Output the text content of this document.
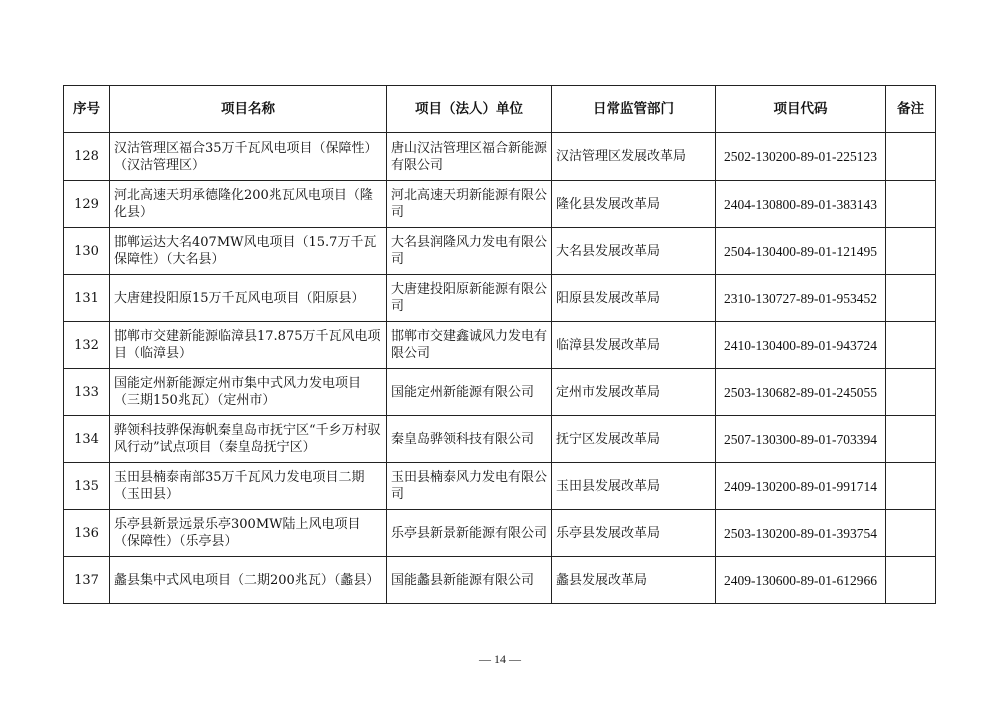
序号	项目名称	项目（法人）单位	日常监管部门	项目代码	备注
128	汉沽管理区福合35万千瓦风电项目（保障性）（汉沽管理区）	唐山汉沽管理区福合新能源有限公司	汉沽管理区发展改革局	2502-130200-89-01-225123	
129	河北高速天玥承德隆化200兆瓦风电项目（隆化县）	河北高速天玥新能源有限公司	隆化县发展改革局	2404-130800-89-01-383143	
130	邯郸运达大名407MW风电项目（15.7万千瓦保障性）（大名县）	大名县润隆风力发电有限公司	大名县发展改革局	2504-130400-89-01-121495	
131	大唐建投阳原15万千瓦风电项目（阳原县）	大唐建投阳原新能源有限公司	阳原县发展改革局	2310-130727-89-01-953452	
132	邯郸市交建新能源临漳县17.875万千瓦风电项目（临漳县）	邯郸市交建鑫诚风力发电有限公司	临漳县发展改革局	2410-130400-89-01-943724	
133	国能定州新能源定州市集中式风力发电项目（三期150兆瓦）（定州市）	国能定州新能源有限公司	定州市发展改革局	2503-130682-89-01-245055	
134	骅领科技骅保海帆秦皇岛市抚宁区“千乡万村驭风行动”试点项目（秦皇岛抚宁区）	秦皇岛骅领科技有限公司	抚宁区发展改革局	2507-130300-89-01-703394	
135	玉田县楠泰南部35万千瓦风力发电项目二期（玉田县）	玉田县楠泰风力发电有限公司	玉田县发展改革局	2409-130200-89-01-991714	
136	乐亭县新景远景乐亭300MW陆上风电项目（保障性）（乐亭县）	乐亭县新景新能源有限公司	乐亭县发展改革局	2503-130200-89-01-393754	
137	蠡县集中式风电项目（二期200兆瓦）（蠡县）	国能蠡县新能源有限公司	蠡县发展改革局	2409-130600-89-01-612966	
— 14 —
